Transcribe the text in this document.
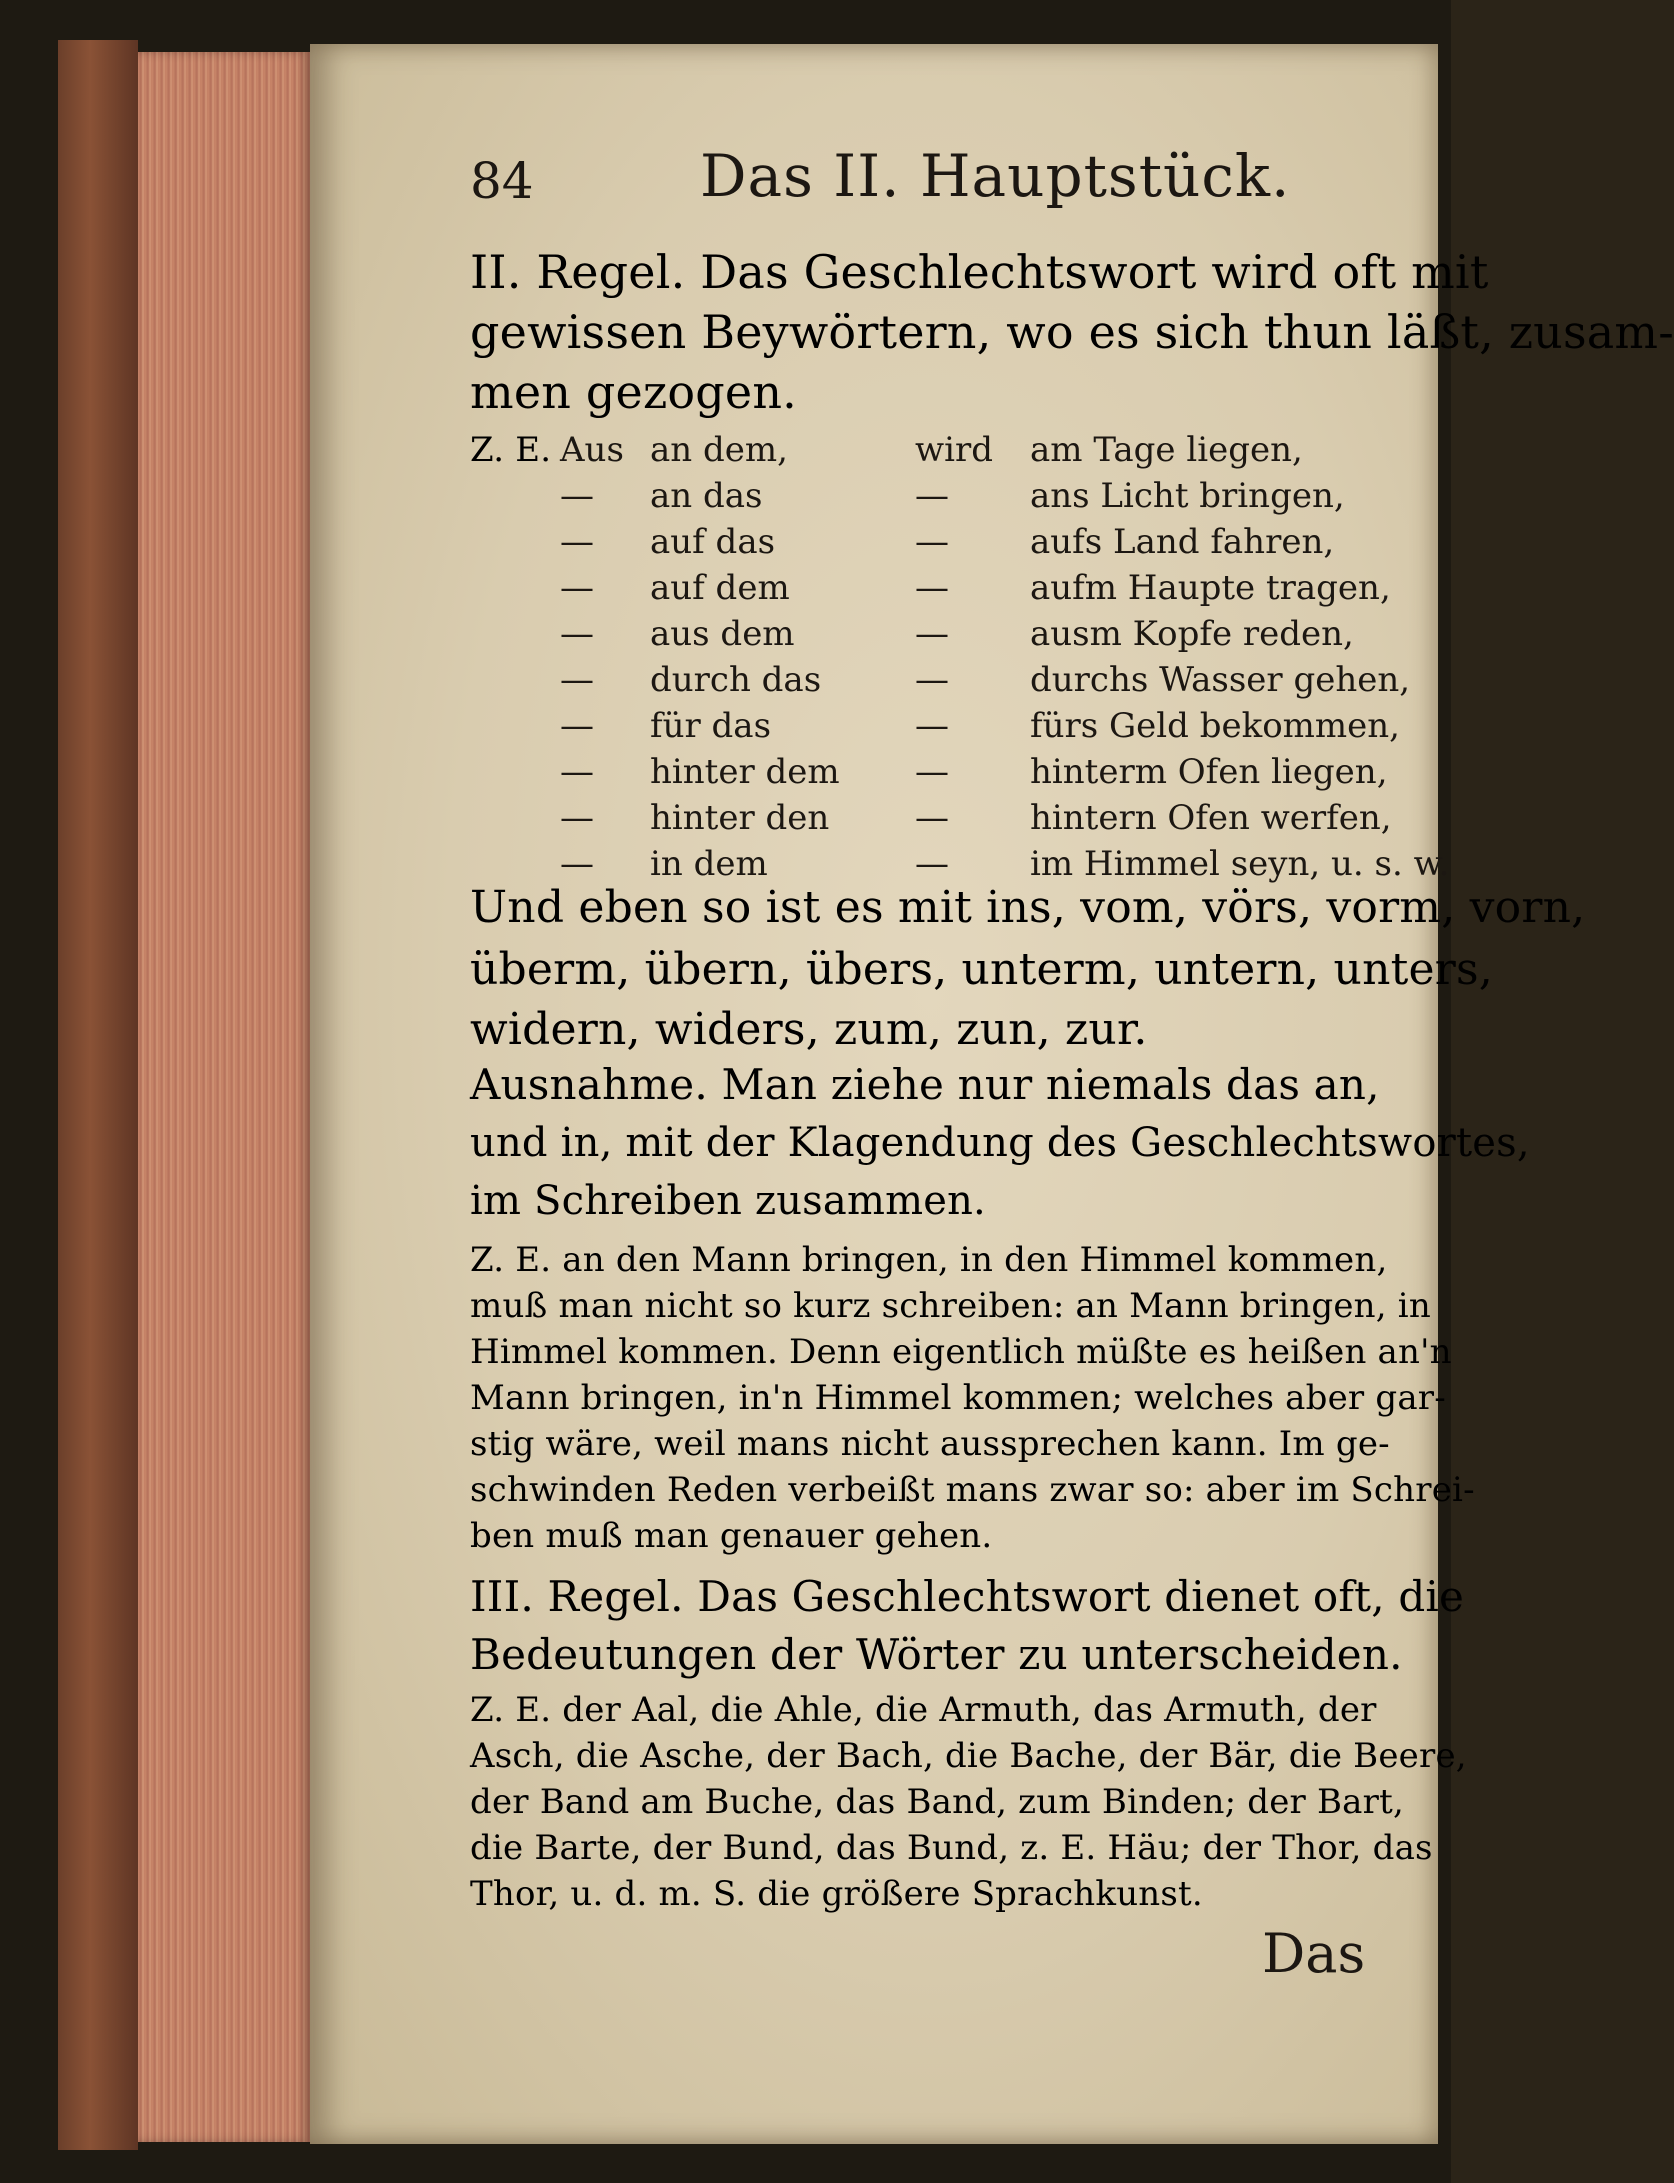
84	Das II. Hauptstück.
II. Regel. Das Geschlechtswort wird oft mit
gewissen Beywörtern, wo es sich thun läßt, zusam-
men gezogen.
Z. E. Aus an dem,	wird am Tage liegen,
— an das	— ans Licht bringen,
— auf das	— aufs Land fahren,
— auf dem	— aufm Haupte tragen,
— aus dem	— ausm Kopfe reden,
— durch das	— durchs Wasser gehen,
— für das	— fürs Geld bekommen,
— hinter dem — hinterm Ofen liegen,
— hinter den	— hintern Ofen werfen,
— in dem	— im Himmel seyn, u. s. w.
Und eben so ist es mit ins, vom, vörs, vorm, vorn,
überm, übern, übers, unterm, untern, unters,
widern, widers, zum, zun, zur.
Ausnahme. Man ziehe nur niemals das an,
und in, mit der Klagendung des Geschlechtswortes,
im Schreiben zusammen.
Z. E. an den Mann bringen, in den Himmel kommen,
muß man nicht so kurz schreiben: an Mann bringen, in
Himmel kommen. Denn eigentlich müßte es heißen an'n
Mann bringen, in'n Himmel kommen; welches aber gar-
stig wäre, weil mans nicht aussprechen kann. Im ge-
schwinden Reden verbeißt mans zwar so: aber im Schrei-
ben muß man genauer gehen.
III. Regel. Das Geschlechtswort dienet oft, die
Bedeutungen der Wörter zu unterscheiden.
Z. E. der Aal, die Ahle, die Armuth, das Armuth, der
Asch, die Asche, der Bach, die Bache, der Bär, die Beere,
der Band am Buche, das Band, zum Binden; der Bart,
die Barte, der Bund, das Bund, z. E. Häu; der Thor, das
Thor, u. d. m. S. die größere Sprachkunst.
Das
